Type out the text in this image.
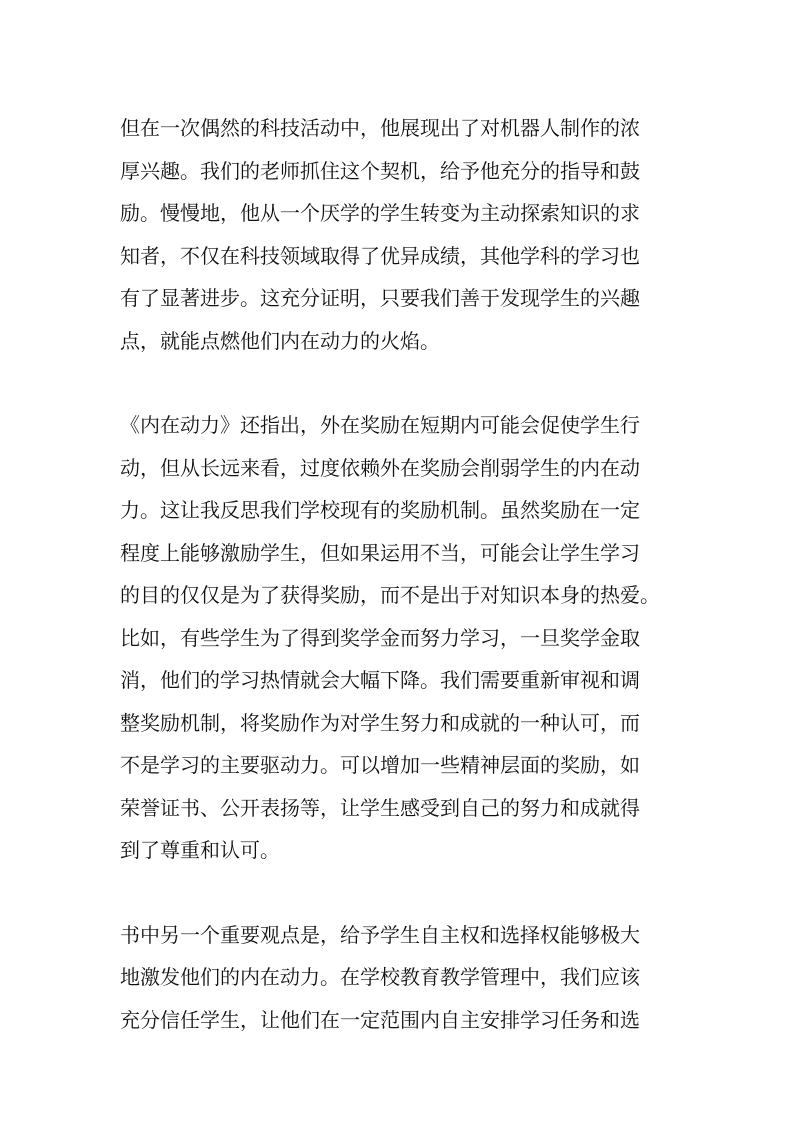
但在一次偶然的科技活动中，他展现出了对机器人制作的浓
厚兴趣。我们的老师抓住这个契机，给予他充分的指导和鼓
励。慢慢地，他从一个厌学的学生转变为主动探索知识的求
知者，不仅在科技领域取得了优异成绩，其他学科的学习也
有了显著进步。这充分证明，只要我们善于发现学生的兴趣
点，就能点燃他们内在动力的火焰。
《内在动力》还指出，外在奖励在短期内可能会促使学生行
动，但从长远来看，过度依赖外在奖励会削弱学生的内在动
力。这让我反思我们学校现有的奖励机制。虽然奖励在一定
程度上能够激励学生，但如果运用不当，可能会让学生学习
的目的仅仅是为了获得奖励，而不是出于对知识本身的热爱。
比如，有些学生为了得到奖学金而努力学习，一旦奖学金取
消，他们的学习热情就会大幅下降。我们需要重新审视和调
整奖励机制，将奖励作为对学生努力和成就的一种认可，而
不是学习的主要驱动力。可以增加一些精神层面的奖励，如
荣誉证书、公开表扬等，让学生感受到自己的努力和成就得
到了尊重和认可。
书中另一个重要观点是，给予学生自主权和选择权能够极大
地激发他们的内在动力。在学校教育教学管理中，我们应该
充分信任学生，让他们在一定范围内自主安排学习任务和选
